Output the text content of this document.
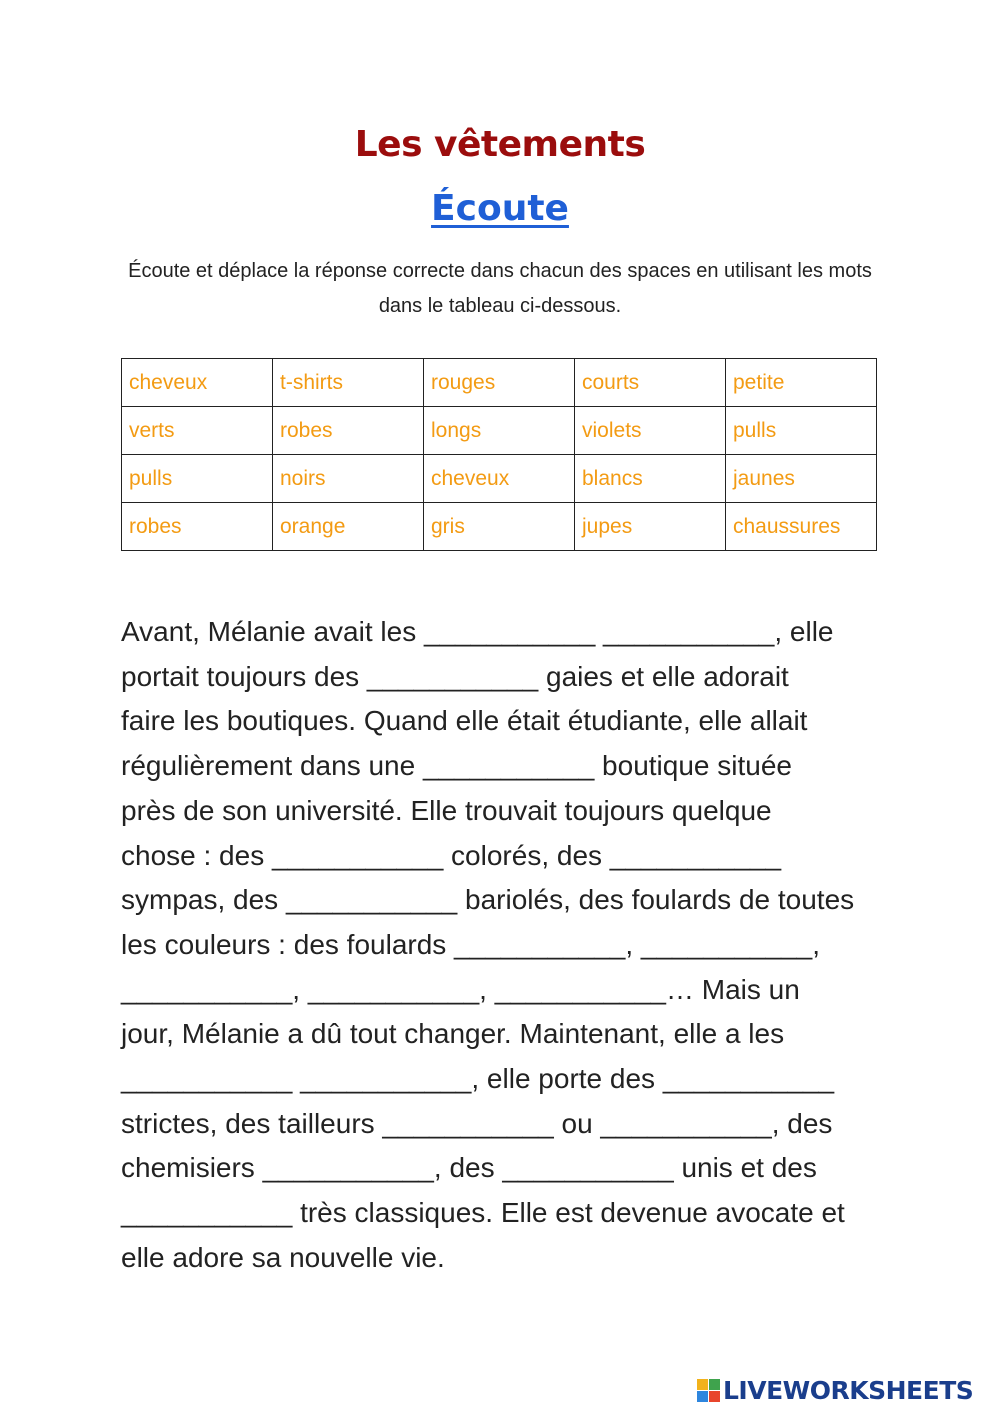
Les vêtements
Écoute
Écoute et déplace la réponse correcte dans chacun des spaces en utilisant les mots dans le tableau ci-dessous.
cheveux	t-shirts	rouges	courts	petite
verts	robes	longs	violets	pulls
pulls	noirs	cheveux	blancs	jaunes
robes	orange	gris	jupes	chaussures
Avant, Mélanie avait les ___________ ___________, elle
portait toujours des ___________ gaies et elle adorait
faire les boutiques. Quand elle était étudiante, elle allait
régulièrement dans une ___________ boutique située
près de son université. Elle trouvait toujours quelque
chose : des ___________ colorés, des ___________
sympas, des ___________ bariolés, des foulards de toutes
les couleurs : des foulards ___________, ___________,
___________, ___________, ___________… Mais un
jour, Mélanie a dû tout changer. Maintenant, elle a les
___________ ___________, elle porte des ___________
strictes, des tailleurs ___________ ou ___________, des
chemisiers ___________, des ___________ unis et des
___________ très classiques. Elle est devenue avocate et
elle adore sa nouvelle vie.
LIVEWORKSHEETS
